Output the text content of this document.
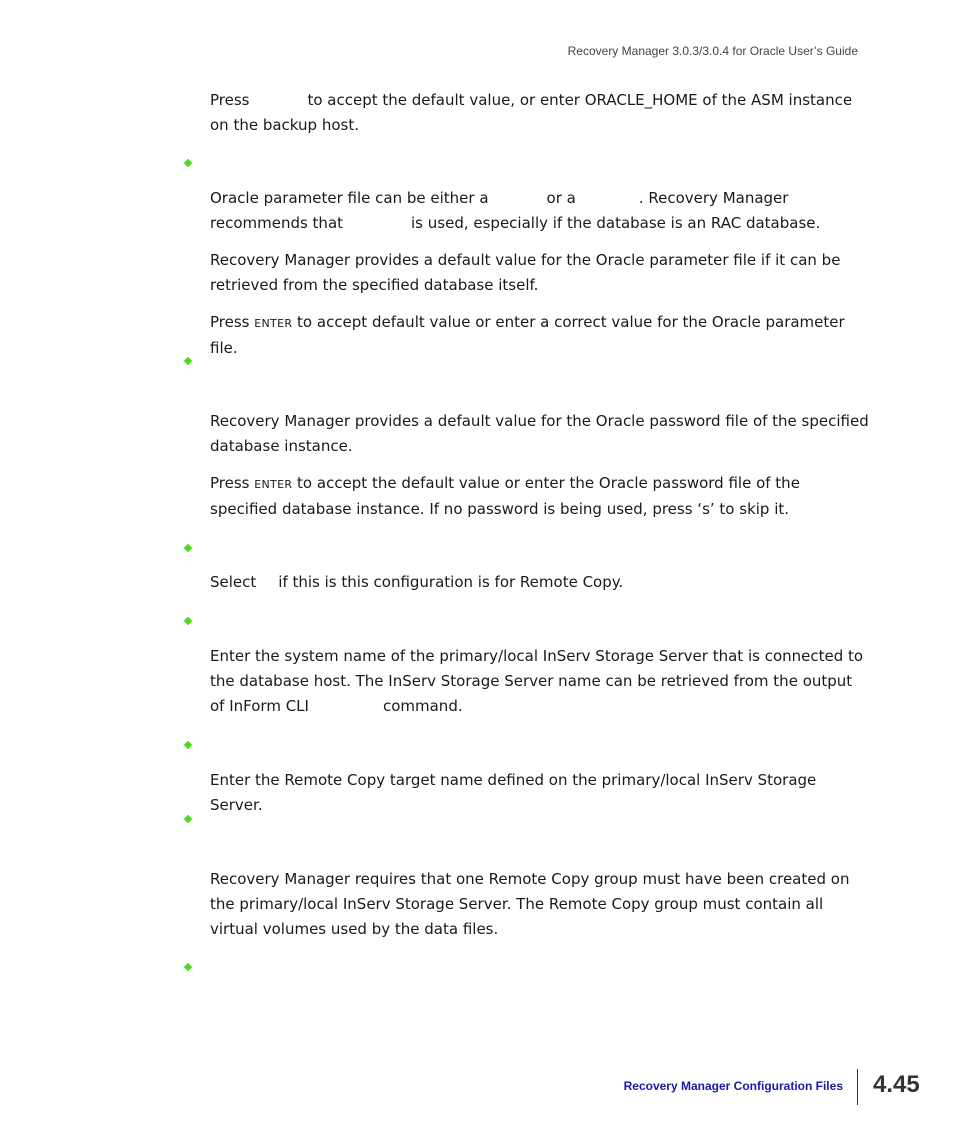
Recovery Manager 3.0.3/3.0.4 for Oracle User’s Guide

Press	to accept the default value, or enter ORACLE_HOME of the ASM instance on the backup host.

Oracle parameter file can be either a	or a	. Recovery Manager
recommends that	is used, especially if the database is an RAC database.

Recovery Manager provides a default value for the Oracle parameter file if it can be retrieved from the specified database itself.

Press ENTER to accept default value or enter a correct value for the Oracle parameter file.

Recovery Manager provides a default value for the Oracle password file of the specified database instance.

Press ENTER to accept the default value or enter the Oracle password file of the specified database instance. If no password is being used, press ‘s’ to skip it.

Select if this is this configuration is for Remote Copy.

Enter the system name of the primary/local InServ Storage Server that is connected to the database host. The InServ Storage Server name can be retrieved from the output of InForm CLI	command.

Enter the Remote Copy target name defined on the primary/local InServ Storage Server.

Recovery Manager requires that one Remote Copy group must have been created on the primary/local InServ Storage Server. The Remote Copy group must contain all virtual volumes used by the data files.

Recovery Manager Configuration Files 4.45
